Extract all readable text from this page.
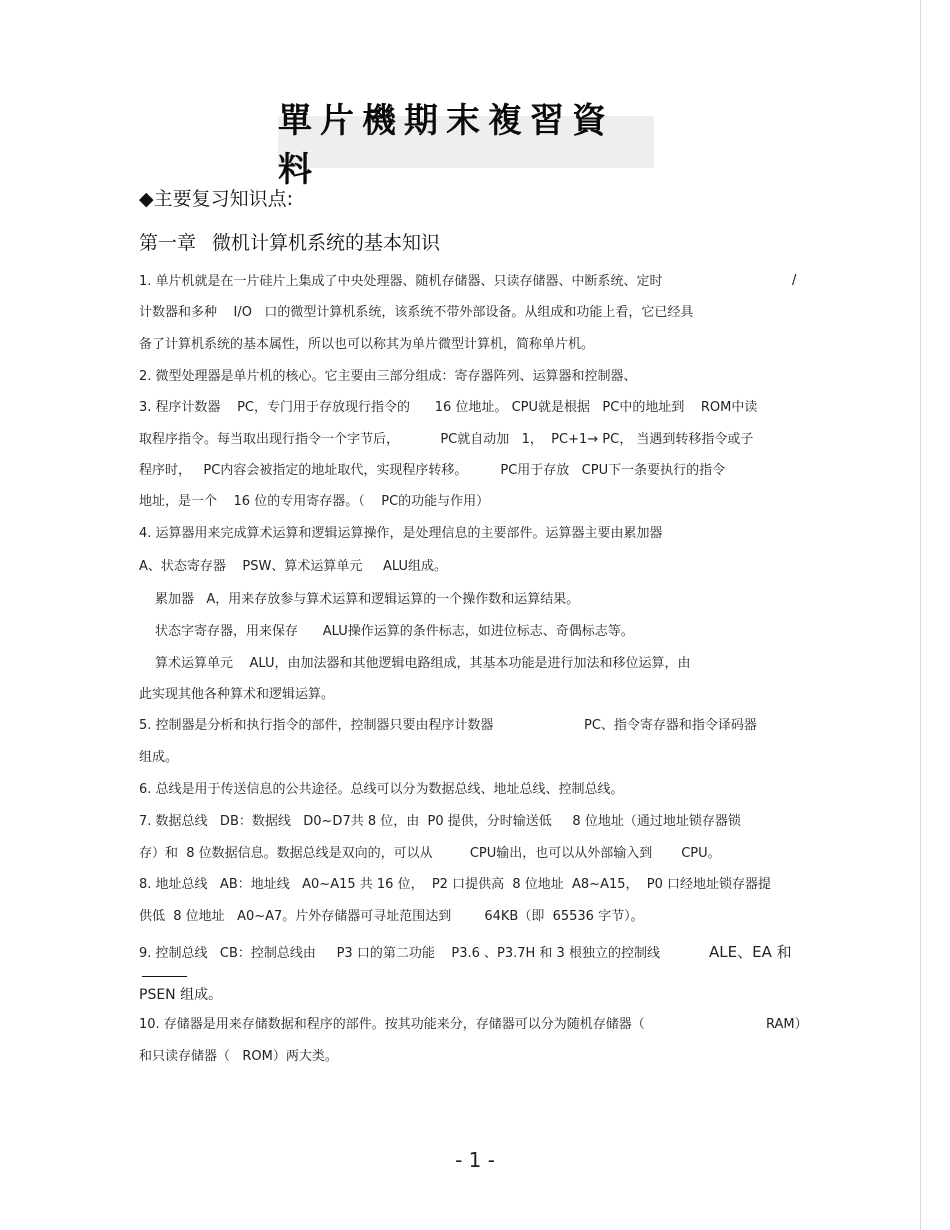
單片機期末複習資料
◆主要复习知识点:
第一章 微机计算机系统的基本知识
1. 单片机就是在一片硅片上集成了中央处理器、随机存储器、只读存储器、中断系统、定时	/
计数器和多种    I/O   口的微型计算机系统，该系统不带外部设备。从组成和功能上看，它已经具
备了计算机系统的基本属性，所以也可以称其为单片微型计算机，简称单片机。
2. 微型处理器是单片机的核心。它主要由三部分组成：寄存器阵列、运算器和控制器、
3. 程序计数器    PC，专门用于存放现行指令的      16 位地址。 CPU就是根据   PC中的地址到    ROM中读
取程序指令。每当取出现行指令一个字节后，          PC就自动加   1，  PC+1→ PC， 当遇到转移指令或子
程序时，   PC内容会被指定的地址取代，实现程序转移。        PC用于存放   CPU下一条要执行的指令
地址，是一个    16 位的专用寄存器。（    PC的功能与作用）
4. 运算器用来完成算术运算和逻辑运算操作，是处理信息的主要部件。运算器主要由累加器
A、状态寄存器    PSW、算术运算单元     ALU组成。
累加器   A，用来存放参与算术运算和逻辑运算的一个操作数和运算结果。
状态字寄存器，用来保存      ALU操作运算的条件标志，如进位标志、奇偶标志等。
算术运算单元    ALU，由加法器和其他逻辑电路组成，其基本功能是进行加法和移位运算，由
此实现其他各种算术和逻辑运算。
5. 控制器是分析和执行指令的部件，控制器只要由程序计数器	PC、指令寄存器和指令译码器
组成。
6. 总线是用于传送信息的公共途径。总线可以分为数据总线、地址总线、控制总线。
7. 数据总线   DB：数据线   D0~D7共 8 位，由  P0 提供，分时输送低     8 位地址（通过地址锁存器锁
存）和  8 位数据信息。数据总线是双向的，可以从         CPU输出，也可以从外部输入到       CPU。
8. 地址总线   AB：地址线   A0~A15 共 16 位，  P2 口提供高  8 位地址  A8~A15，  P0 口经地址锁存器提
供低  8 位地址   A0~A7。片外存储器可寻址范围达到        64KB（即  65536 字节）。
9. 控制总线   CB：控制总线由     P3 口的第二功能    P3.6 、P3.7H 和 3 根独立的控制线	ALE、EA 和
PSEN 组成。
10. 存储器是用来存储数据和程序的部件。按其功能来分，存储器可以分为随机存储器（	RAM）
和只读存储器（   ROM）两大类。
- 1 -
